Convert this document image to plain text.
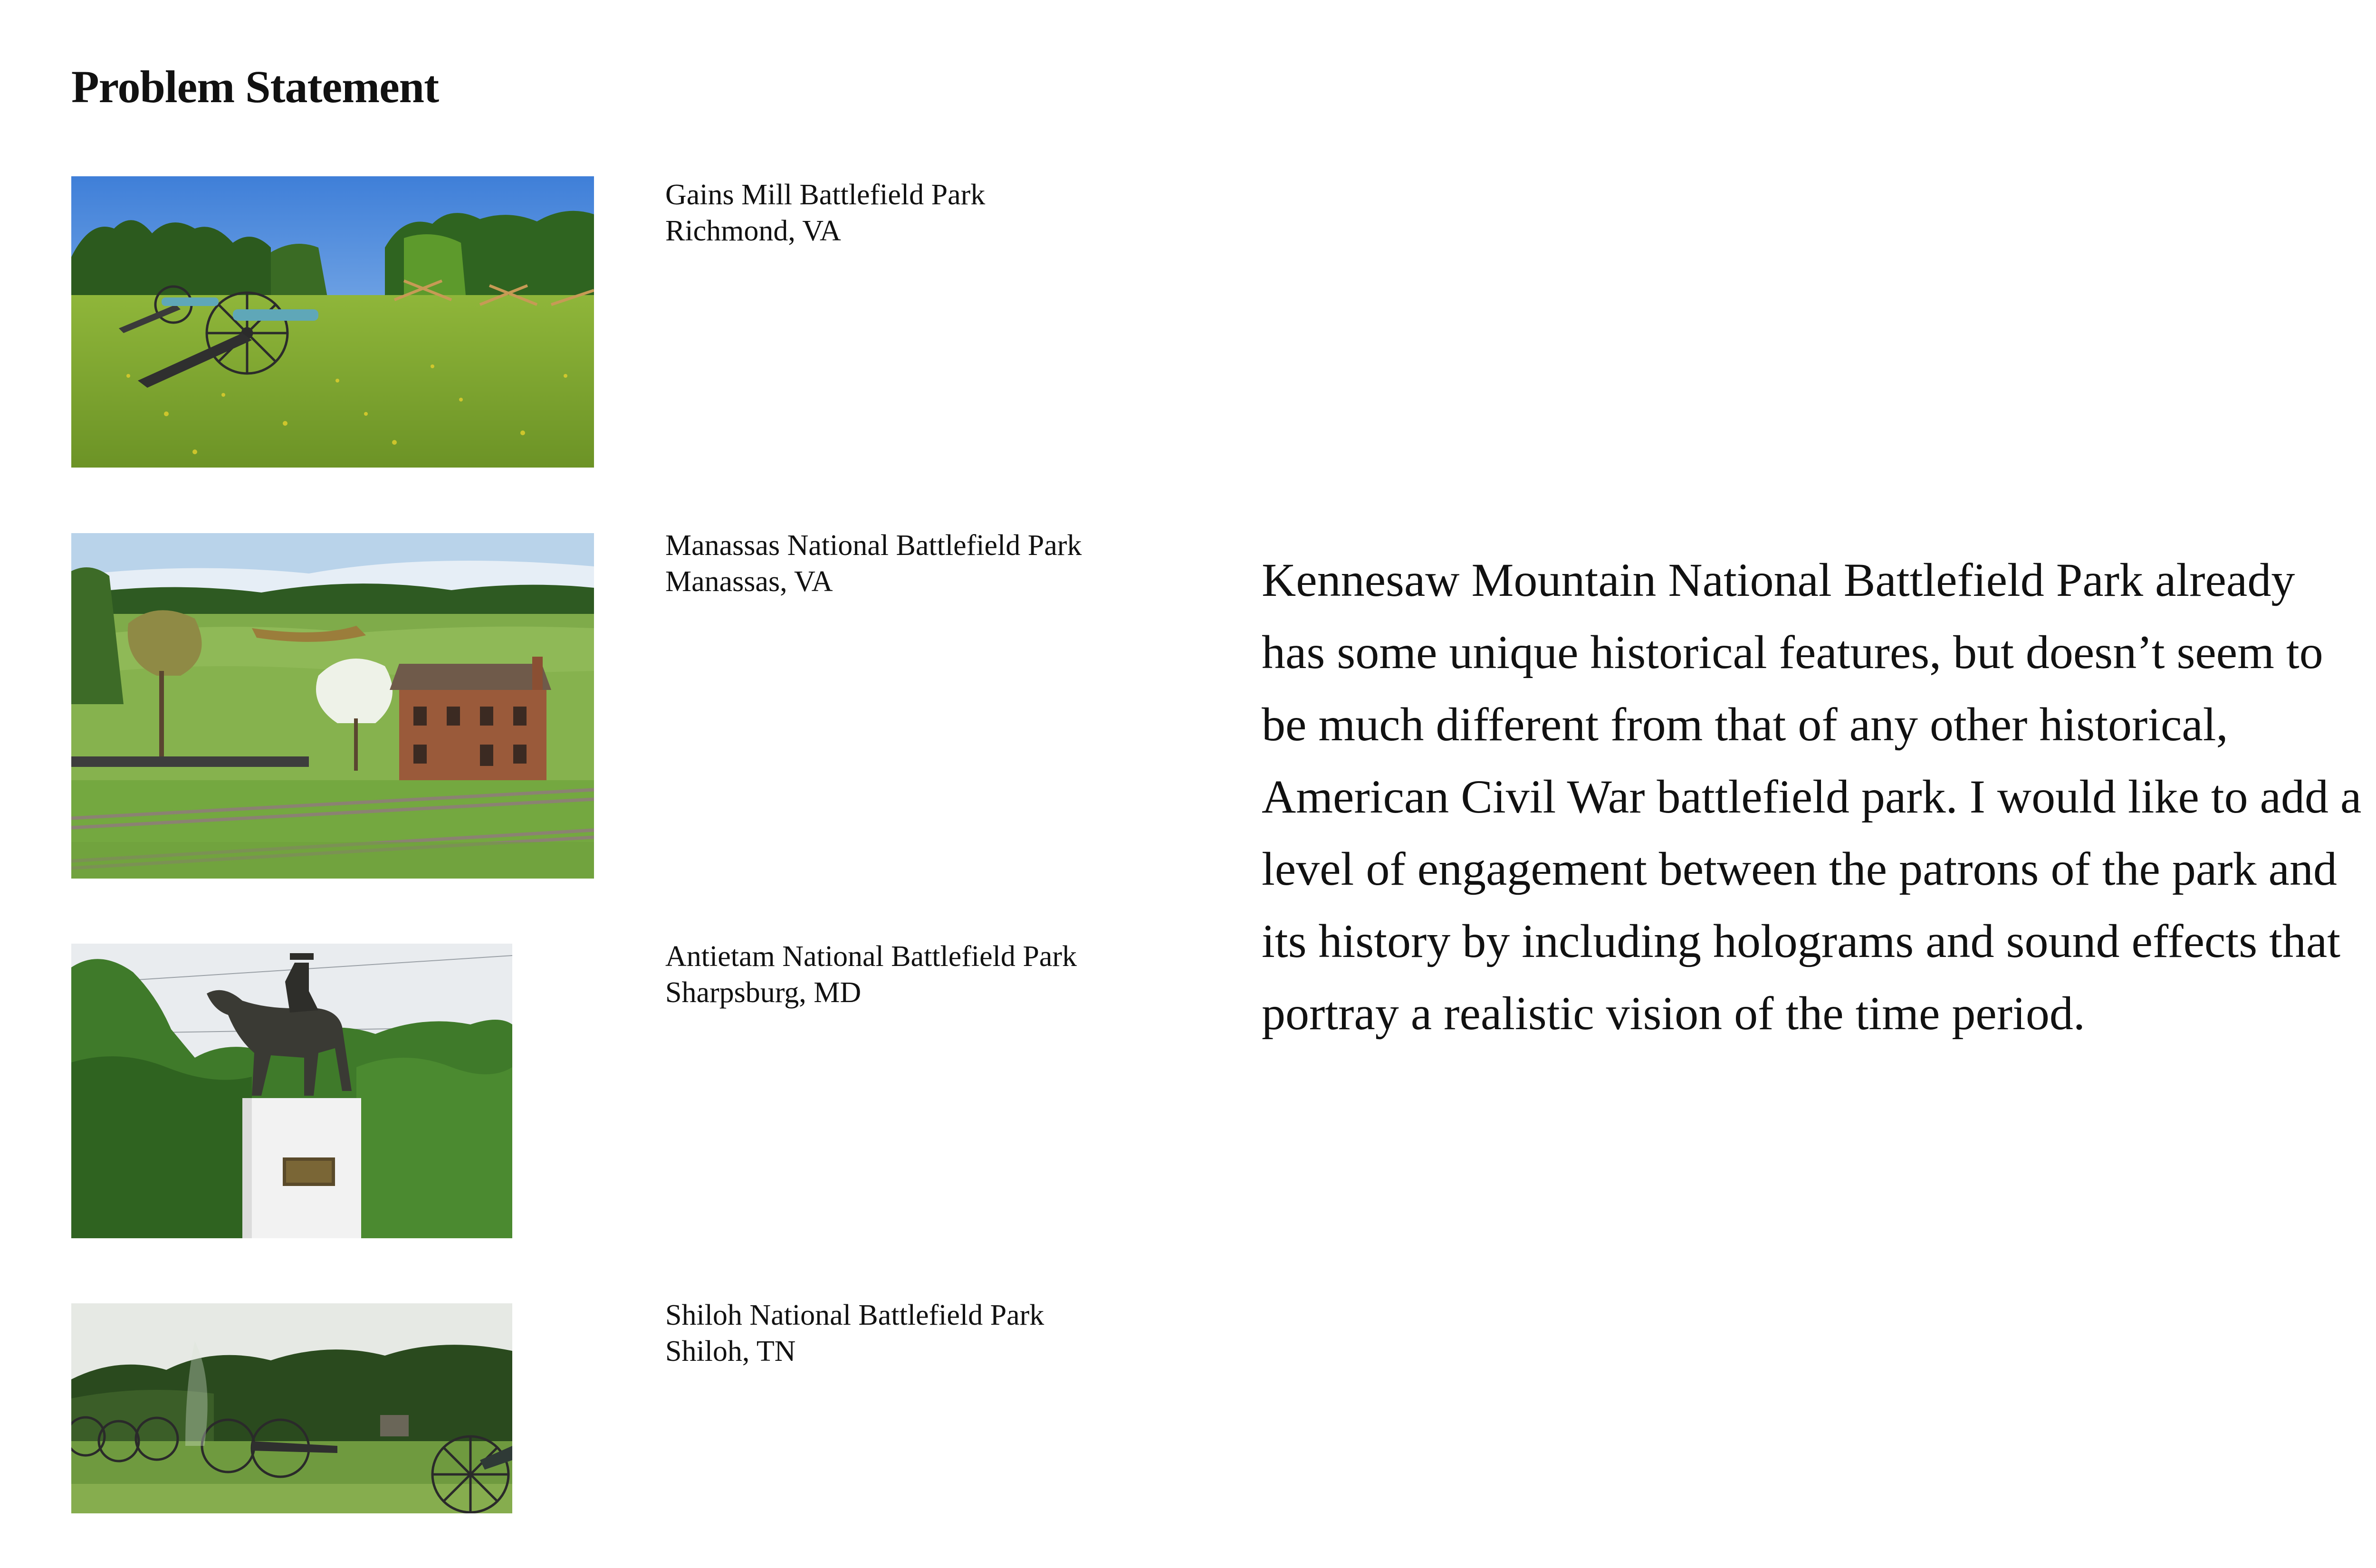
Problem Statement
Gains Mill Battlefield Park
Richmond, VA
Manassas National Battlefield Park
Manassas, VA
Antietam National Battlefield Park
Sharpsburg, MD
Shiloh National Battlefield Park
Shiloh, TN

Kennesaw Mountain National Battlefield Park already has some unique historical features, but doesn’t seem to be much different from that of any other historical, American Civil War battlefield park. I would like to add a level of engagement between the patrons of the park and its history by including holograms and sound effects that portray a realistic vision of the time period.
